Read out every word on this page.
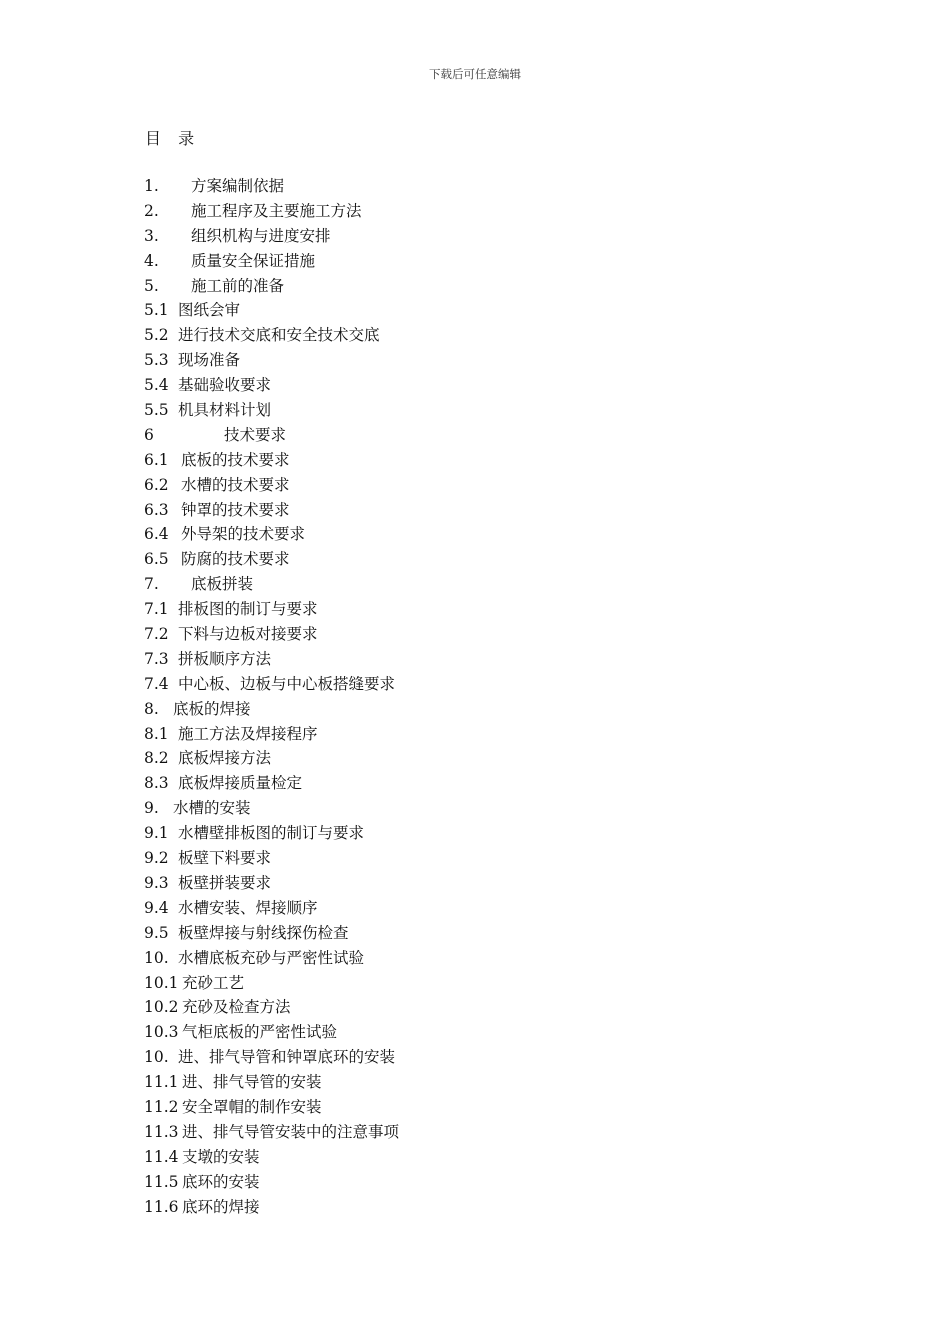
下载后可任意编辑
目 录
1. 方案编制依据
2. 施工程序及主要施工方法
3. 组织机构与进度安排
4. 质量安全保证措施
5. 施工前的准备
5.1 图纸会审
5.2 进行技术交底和安全技术交底
5.3 现场准备
5.4 基础验收要求
5.5 机具材料计划
6	技术要求
6.1 底板的技术要求
6.2 水槽的技术要求
6.3 钟罩的技术要求
6.4 外导架的技术要求
6.5 防腐的技术要求
7. 底板拼装
7.1 排板图的制订与要求
7.2 下料与边板对接要求
7.3 拼板顺序方法
7.4 中心板、边板与中心板搭缝要求
8. 底板的焊接
8.1 施工方法及焊接程序
8.2 底板焊接方法
8.3 底板焊接质量检定
9. 水槽的安装
9.1 水槽壁排板图的制订与要求
9.2 板壁下料要求
9.3 板壁拼装要求
9.4 水槽安装、焊接顺序
9.5 板壁焊接与射线探伤检查
10. 水槽底板充砂与严密性试验
10.1 充砂工艺
10.2 充砂及检查方法
10.3 气柜底板的严密性试验
10. 进、排气导管和钟罩底环的安装
11.1 进、排气导管的安装
11.2 安全罩帽的制作安装
11.3 进、排气导管安装中的注意事项
11.4 支墩的安装
11.5 底环的安装
11.6 底环的焊接
